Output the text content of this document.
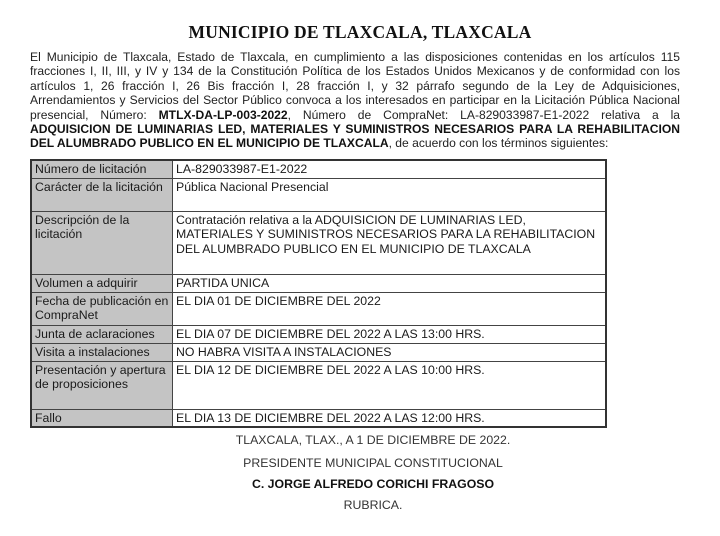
MUNICIPIO DE TLAXCALA, TLAXCALA
El Municipio de Tlaxcala, Estado de Tlaxcala, en cumplimiento a las disposiciones contenidas en los artículos 115 fracciones I, II, III, y IV y 134 de la Constitución Política de los Estados Unidos Mexicanos y de conformidad con los artículos 1, 26 fracción I, 26 Bis fracción I, 28 fracción I, y 32 párrafo segundo de la Ley de Adquisiciones, Arrendamientos y Servicios del Sector Público convoca a los interesados en participar en la Licitación Pública Nacional presencial, Número: MTLX-DA-LP-003-2022, Número de CompraNet: LA-829033987-E1-2022 relativa a la ADQUISICION DE LUMINARIAS LED, MATERIALES Y SUMINISTROS NECESARIOS PARA LA REHABILITACION DEL ALUMBRADO PUBLICO EN EL MUNICIPIO DE TLAXCALA, de acuerdo con los términos siguientes:
Número de licitación	LA-829033987-E1-2022
Carácter de la licitación	Pública Nacional Presencial
Descripción de la licitación	Contratación relativa a la ADQUISICION DE LUMINARIAS LED, MATERIALES Y SUMINISTROS NECESARIOS PARA LA REHABILITACION DEL ALUMBRADO PUBLICO EN EL MUNICIPIO DE TLAXCALA
Volumen a adquirir	PARTIDA UNICA
Fecha de publicación en CompraNet	EL DIA 01 DE DICIEMBRE DEL 2022
Junta de aclaraciones	EL DIA 07 DE DICIEMBRE DEL 2022 A LAS 13:00 HRS.
Visita a instalaciones	NO HABRA VISITA A INSTALACIONES
Presentación y apertura de proposiciones	EL DIA 12 DE DICIEMBRE DEL 2022 A LAS 10:00 HRS.
Fallo	EL DIA 13 DE DICIEMBRE DEL 2022 A LAS 12:00 HRS.
TLAXCALA, TLAX., A 1 DE DICIEMBRE DE 2022.
PRESIDENTE MUNICIPAL CONSTITUCIONAL
C. JORGE ALFREDO CORICHI FRAGOSO
RUBRICA.
